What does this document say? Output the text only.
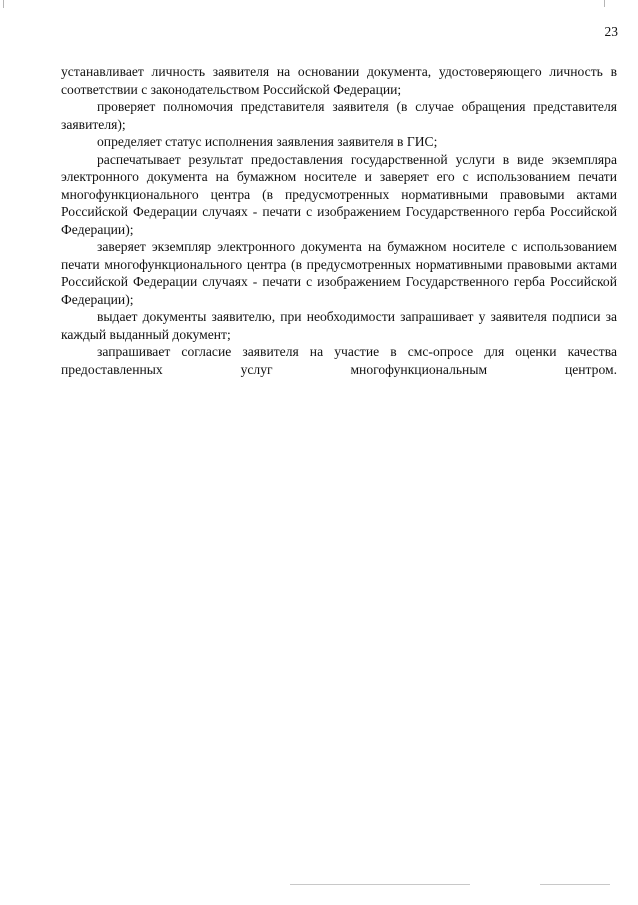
23

устанавливает личность заявителя на основании документа, удостоверяющего личность в соответствии с законодательством Российской Федерации;

проверяет полномочия представителя заявителя (в случае обращения представителя заявителя);

определяет статус исполнения заявления заявителя в ГИС;

распечатывает результат предоставления государственной услуги в виде экземпляра электронного документа на бумажном носителе и заверяет его с использованием печати многофункционального центра (в предусмотренных нормативными правовыми актами Российской Федерации случаях - печати с изображением Государственного герба Российской Федерации);

заверяет экземпляр электронного документа на бумажном носителе с использованием печати многофункционального центра (в предусмотренных нормативными правовыми актами Российской Федерации случаях - печати с изображением Государственного герба Российской Федерации);

выдает документы заявителю, при необходимости запрашивает у заявителя подписи за каждый выданный документ;

запрашивает согласие заявителя на участие в смс-опросе для оценки качества предоставленных услуг многофункциональным центром.
